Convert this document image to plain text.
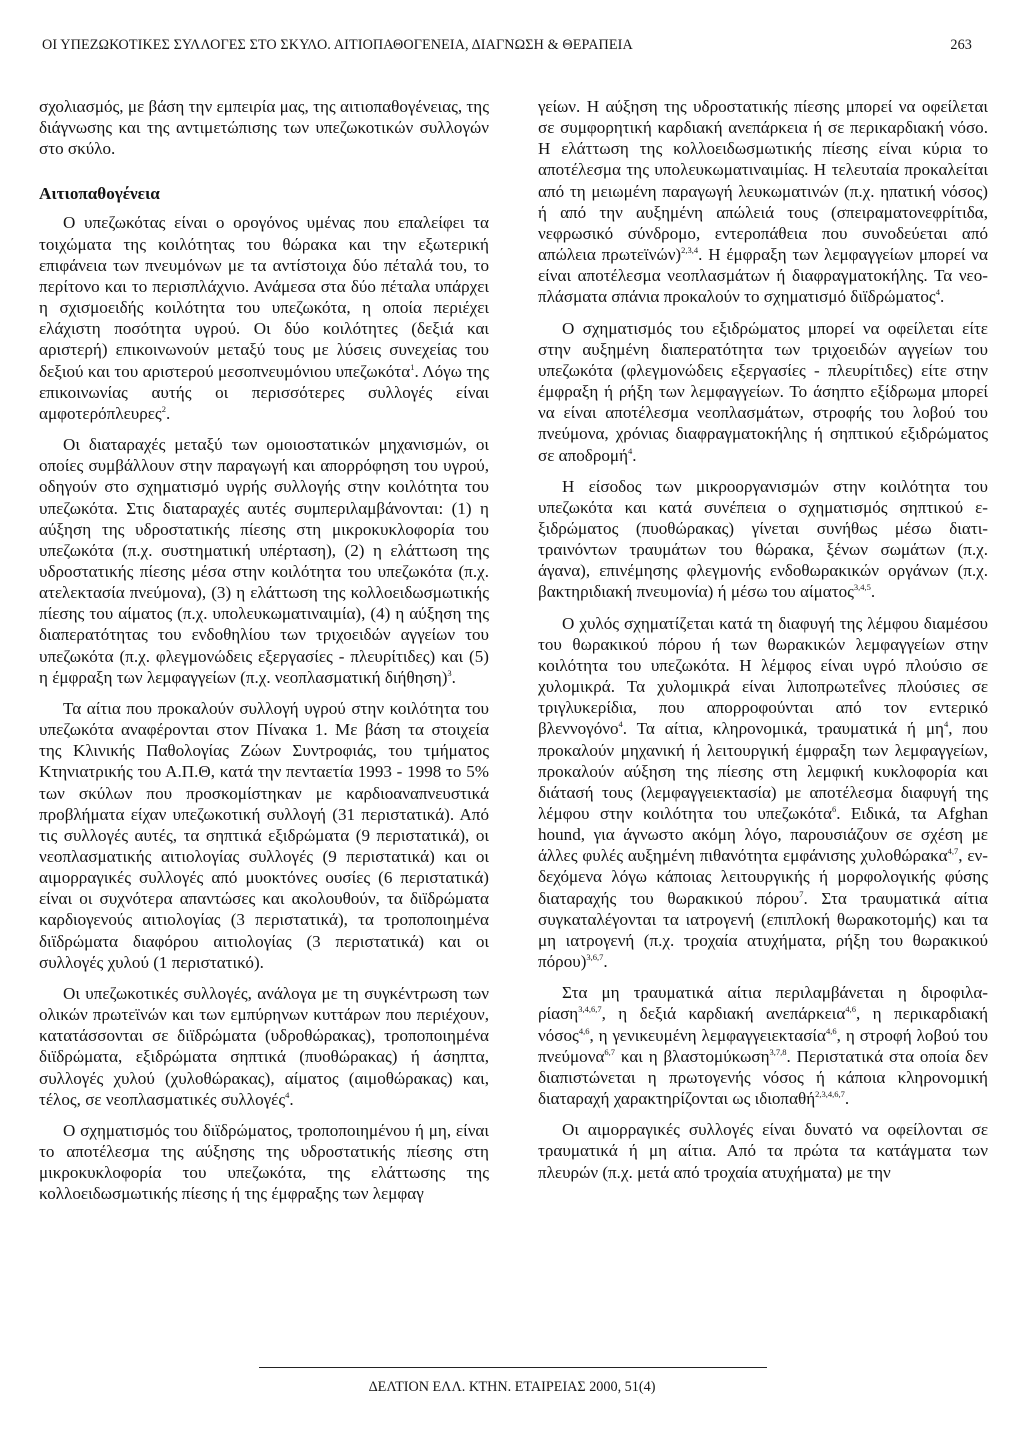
ΟΙ ΥΠΕΖΩΚΟΤΙΚΕΣ ΣΥΛΛΟΓΕΣ ΣΤΟ ΣΚΥΛΟ. ΑΙΤΙΟΠΑΘΟΓΕΝΕΙΑ, ΔΙΑΓΝΩΣΗ & ΘΕΡΑΠΕΙΑ	263

σχολιασμός, με βάση την εμπειρία μας, της αιτιοπαθογένειας, της διάγνωσης και της αντιμετώπισης των υπεζωκοτικών συλλογών στο σκύλο.

Αιτιοπαθογένεια

Ο υπεζωκότας είναι ο ορογόνος υμένας που επαλείφει τα τοιχώματα της κοιλότητας του θώρακα και την εξωτερική επιφάνεια των πνευμόνων με τα αντίστοιχα δύο πέταλά του, το περίτονο και το περισπλάχνιο. Ανάμεσα στα δύο πέταλα υπάρχει η σχισμοειδής κοιλότητα του υπεζωκότα, η οποία περιέχει ελάχιστη ποσότητα υγρού. Οι δύο κοιλότητες (δεξιά και αριστερή) επικοινωνούν μεταξύ τους με λύσεις συνεχείας του δεξιού και του αριστερού μεσοπνευμόνιου υπεζωκότα$^1$. Λόγω της επικοινωνίας αυτής οι περισσότερες συλλογές είναι αμφοτερόπλευρες$^2$.

Οι διαταραχές μεταξύ των ομοιοστατικών μηχανισμών, οι οποίες συμβάλλουν στην παραγωγή και απορρόφηση του υγρού, οδηγούν στο σχηματισμό υγρής συλλογής στην κοιλότητα του υπεζωκότα. Στις διαταραχές αυτές συμπεριλαμβάνονται: (1) η αύξηση της υδροστατικής πίεσης στη μικροκυκλοφορία του υπεζωκότα (π.χ. συστηματική υπέρταση), (2) η ελάττωση της υδροστατικής πίεσης μέσα στην κοιλότητα του υπεζωκότα (π.χ. ατελεκτασία πνεύμονα), (3) η ελάττωση της κολλοειδωσμωτικής πίεσης του αίματος (π.χ. υπολευκωματιναιμία), (4) η αύξηση της διαπερατότητας του ενδοθηλίου των τριχοειδών αγγείων του υπεζωκότα (π.χ. φλεγμονώδεις εξεργασίες - πλευρίτιδες) και (5) η έμφραξη των λεμφαγγείων (π.χ. νεοπλασματική διήθηση)$^3$.

Τα αίτια που προκαλούν συλλογή υγρού στην κοιλότητα του υπεζωκότα αναφέρονται στον Πίνακα 1. Με βάση τα στοιχεία της Κλινικής Παθολογίας Ζώων Συντροφιάς, του τμήματος Κτηνιατρικής του Α.Π.Θ, κατά την πενταετία 1993 - 1998 το 5% των σκύλων που προσκομίστηκαν με καρδιοαναπνευστικά προβλήματα είχαν υπεζωκοτική συλλογή (31 περιστατικά). Από τις συλλογές αυτές, τα σηπτικά εξιδρώματα (9 περιστατικά), οι νεοπλασματικής αιτιολογίας συλλογές (9 περιστατικά) και οι αιμορραγικές συλλογές από μυοκτόνες ουσίες (6 περιστατικά) είναι οι συχνότερα απαντώσες και ακολουθούν, τα διϊδρώματα καρδιογενούς αιτιολογίας (3 περιστατικά), τα τροποποιημένα διϊδρώματα διαφόρου αιτιολογίας (3 περιστατικά) και οι συλλογές χυλού (1 περιστατικό).

Οι υπεζωκοτικές συλλογές, ανάλογα με τη συγκέντρωση των ολικών πρωτεϊνών και των εμπύρηνων κυττάρων που περιέχουν, κατατάσσονται σε διϊδρώματα (υδροθώρακας), τροποποιημένα διϊδρώματα, εξιδρώματα σηπτικά (πυοθώρακας) ή άσηπτα, συλλογές χυλού (χυλοθώρακας), αίματος (αιμοθώρακας) και, τέλος, σε νεοπλασματικές συλλογές$^4$.

Ο σχηματισμός του διϊδρώματος, τροποποιημένου ή μη, είναι το αποτέλεσμα της αύξησης της υδροστατικής πίεσης στη μικροκυκλοφορία του υπεζωκότα, της ελάττωσης της κολλοειδωσμωτικής πίεσης ή της έμφραξης των λεμφαγ

γείων. Η αύξηση της υδροστατικής πίεσης μπορεί να οφείλεται σε συμφορητική καρδιακή ανεπάρκεια ή σε περικαρδιακή νόσο. Η ελάττωση της κολλοειδωσμωτικής πίεσης είναι κύρια το αποτέλεσμα της υπολευκωματιναιμίας. Η τελευταία προκαλείται από τη μειωμένη παραγωγή λευκωματινών (π.χ. ηπατική νόσος) ή από την αυξημένη απώλειά τους (σπειραματονεφρίτιδα, νεφρωσικό σύνδρομο, εντεροπάθεια που συνοδεύεται από απώλεια πρωτεϊνών)$^{2,3,4}$. Η έμφραξη των λεμφαγγείων μπορεί να είναι αποτέλεσμα νεοπλασμάτων ή διαφραγματοκήλης. Τα νεοπλάσματα σπάνια προκαλούν το σχηματισμό διϊδρώματος$^4$.

Ο σχηματισμός του εξιδρώματος μπορεί να οφείλεται είτε στην αυξημένη διαπερατότητα των τριχοειδών αγγείων του υπεζωκότα (φλεγμονώδεις εξεργασίες - πλευρίτιδες) είτε στην έμφραξη ή ρήξη των λεμφαγγείων. Το άσηπτο εξίδρωμα μπορεί να είναι αποτέλεσμα νεοπλασμάτων, στροφής του λοβού του πνεύμονα, χρόνιας διαφραγματοκήλης ή σηπτικού εξιδρώματος σε αποδρομή$^4$.

Η είσοδος των μικροοργανισμών στην κοιλότητα του υπεζωκότα και κατά συνέπεια ο σχηματισμός σηπτικού εξιδρώματος (πυοθώρακας) γίνεται συνήθως μέσω διατιτραινόντων τραυμάτων του θώρακα, ξένων σωμάτων (π.χ. άγανα), επινέμησης φλεγμονής ενδοθωρακικών οργάνων (π.χ. βακτηριδιακή πνευμονία) ή μέσω του αίματος$^{3,4,5}$.

Ο χυλός σχηματίζεται κατά τη διαφυγή της λέμφου διαμέσου του θωρακικού πόρου ή των θωρακικών λεμφαγγείων στην κοιλότητα του υπεζωκότα. Η λέμφος είναι υγρό πλούσιο σε χυλομικρά. Τα χυλομικρά είναι λιποπρωτεΐνες πλούσιες σε τριγλυκερίδια, που απορροφούνται από τον εντερικό βλεννογόνο$^4$. Τα αίτια, κληρονομικά, τραυματικά ή $\mu\eta^4$, που προκαλούν μηχανική ή λειτουργική έμφραξη των λεμφαγγείων, προκαλούν αύξηση της πίεσης στη λεμφική κυκλοφορία και διάτασή τους (λεμφαγγειεκτασία) με αποτέλεσμα διαφυγή της λέμφου στην κοιλότητα του υπεζωκότα$^6$. Ειδικά, τα Afghan hound, για άγνωστο ακόμη λόγο, παρουσιάζουν σε σχέση με άλλες φυλές αυξημένη πιθανότητα εμφάνισης χυλοθώρακα$^{4,7}$, ενδεχόμενα λόγω κάποιας λειτουργικής ή μορφολογικής φύσης διαταραχής του θωρακικού πόρου$^7$. Στα τραυματικά αίτια συγκαταλέγονται τα ιατρογενή (επιπλοκή θωρακοτομής) και τα μη ιατρογενή (π.χ. τροχαία ατυχήματα, ρήξη του θωρακικού πόρου)$^{3,6,7}$.

Στα μη τραυματικά αίτια περιλαμβάνεται η διροφιλαρίαση$^{3,4,6,7}$, η δεξιά καρδιακή ανεπάρκεια$^{4,6}$, η περικαρδιακή νόσος$^{4,6}$, η γενικευμένη λεμφαγγειεκτασία$^{4,6}$, η στροφή λοβού του πνεύμονα$^{6,7}$ και η βλαστομύκωση$^{3,7,8}$. Περιστατικά στα οποία δεν διαπιστώνεται η πρωτογενής νόσος ή κάποια κληρονομική διαταραχή χαρακτηρίζονται ως ιδιοπαθή$^{2,3,4,6,7}$.

Οι αιμορραγικές συλλογές είναι δυνατό να οφείλονται σε τραυματικά ή μη αίτια. Από τα πρώτα τα κατάγματα των πλευρών (π.χ. μετά από τροχαία ατυχήματα) με την

ΔΕΛΤΙΟΝ ΕΛΛ. ΚΤΗΝ. ΕΤΑΙΡΕΙΑΣ 2000, 51(4)
